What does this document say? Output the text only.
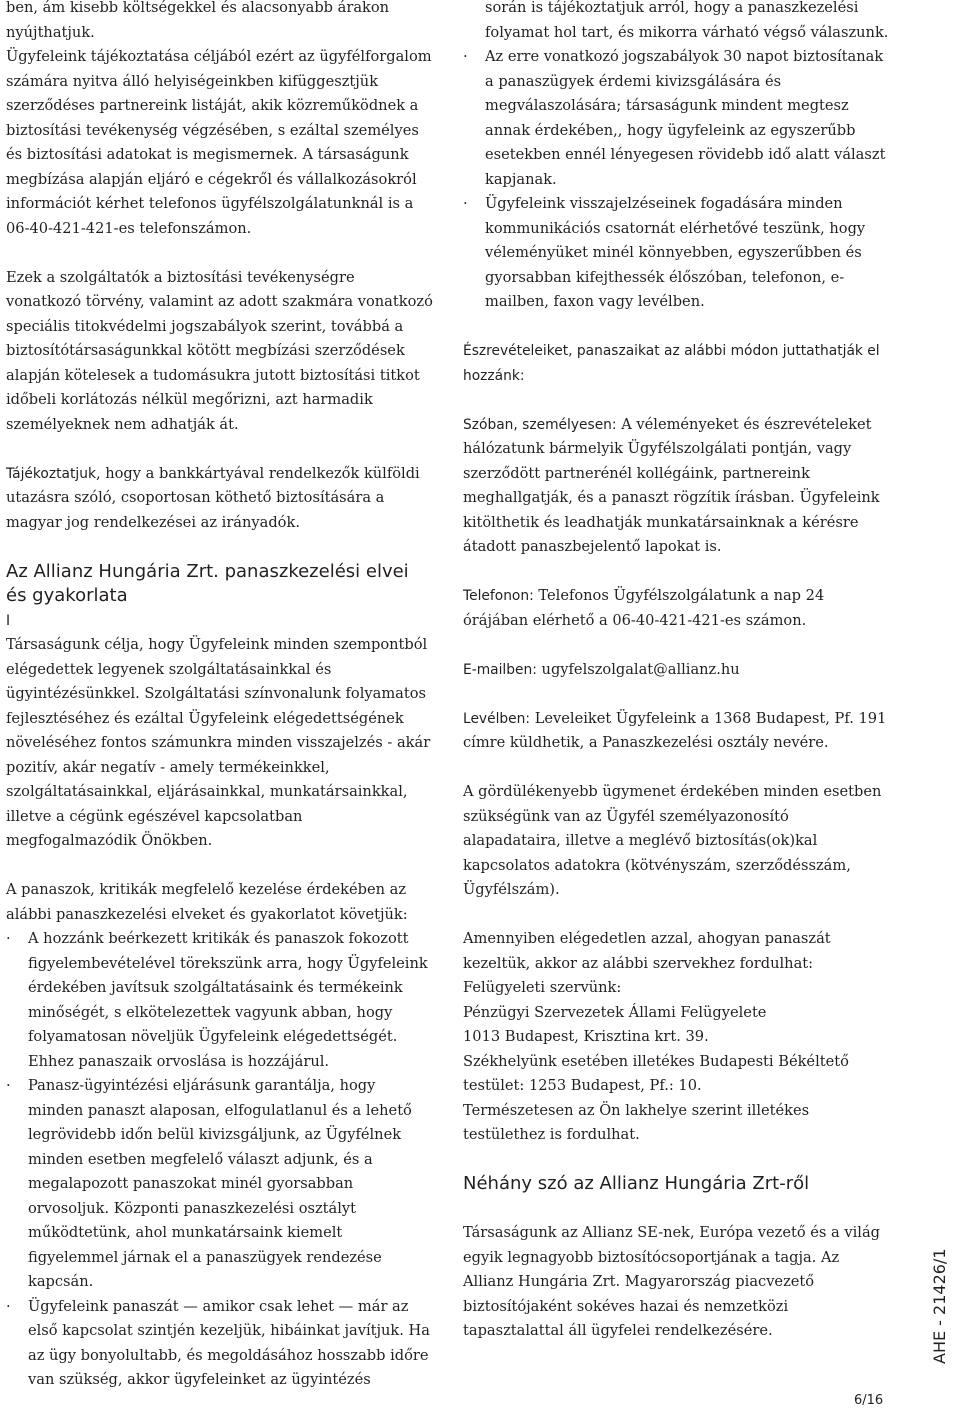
ben, ám kisebb költségekkel és alacsonyabb árakon nyújthatjuk.

Ügyfeleink tájékoztatása céljából ezért az ügyfélforgalom számára nyitva álló helyiségeinkben kifüggesztjük szerződéses partnereink listáját, akik közreműködnek a biztosítási tevékenység végzésében, s ezáltal személyes és biztosítási adatokat is megismernek. A társaságunk megbízása alapján eljáró e cégekről és vállalkozásokról információt kérhet telefonos ügyfélszolgálatunknál is a 06-40-421-421-es telefonszámon.

Ezek a szolgáltatók a biztosítási tevékenységre vonatkozó törvény, valamint az adott szakmára vonatkozó speciális titokvédelmi jogszabályok szerint, továbbá a biztosítótársaságunkkal kötött megbízási szerződések alapján kötelesek a tudomásukra jutott biztosítási titkot időbeli korlátozás nélkül megőrizni, azt harmadik személyeknek nem adhatják át.

Tájékoztatjuk, hogy a bankkártyával rendelkezők külföldi utazásra szóló, csoportosan köthető biztosítására a magyar jog rendelkezései az irányadók.

Az Allianz Hungária Zrt. panaszkezelési elvei és gyakorlata

I

Társaságunk célja, hogy Ügyfeleink minden szempontból elégedettek legyenek szolgáltatásainkkal és ügyintézésünkkel. Szolgáltatási színvonalunk folyamatos fejlesztéséhez és ezáltal Ügyfeleink elégedettségének növeléséhez fontos számunkra minden visszajelzés - akár pozitív, akár negatív - amely termékeinkkel, szolgáltatásainkkal, eljárásainkkal, munkatársainkkal, illetve a cégünk egészével kapcsolatban megfogalmazódik Önökben.

A panaszok, kritikák megfelelő kezelése érdekében az alábbi panaszkezelési elveket és gyakorlatot követjük:

· A hozzánk beérkezett kritikák és panaszok fokozott figyelembevételével törekszünk arra, hogy Ügyfeleink érdekében javítsuk szolgáltatásaink és termékeink minőségét, s elkötelezettek vagyunk abban, hogy folyamatosan növeljük Ügyfeleink elégedettségét. Ehhez panaszaik orvoslása is hozzájárul.
· Panasz-ügyintézési eljárásunk garantálja, hogy minden panaszt alaposan, elfogulatlanul és a lehető legrövidebb időn belül kivizsgáljunk, az Ügyfélnek minden esetben megfelelő választ adjunk, és a megalapozott panaszokat minél gyorsabban orvosoljuk. Központi panaszkezelési osztályt működtetünk, ahol munkatársaink kiemelt figyelemmel járnak el a panaszügyek rendezése kapcsán.
· Ügyfeleink panaszát — amikor csak lehet — már az első kapcsolat szintjén kezeljük, hibáinkat javítjuk. Ha az ügy bonyolultabb, és megoldásához hosszabb időre van szükség, akkor ügyfeleinket az ügyintézés

során is tájékoztatjuk arról, hogy a panaszkezelési folyamat hol tart, és mikorra várható végső válaszunk.

· Az erre vonatkozó jogszabályok 30 napot biztosítanak a panaszügyek érdemi kivizsgálására és megválaszolására; társaságunk mindent megtesz annak érdekében,, hogy ügyfeleink az egyszerűbb esetekben ennél lényegesen rövidebb idő alatt választ kapjanak.
· Ügyfeleink visszajelzéseinek fogadására minden kommunikációs csatornát elérhetővé teszünk, hogy véleményüket minél könnyebben, egyszerűbben és gyorsabban kifejthessék élőszóban, telefonon, e-mailben, faxon vagy levélben.

Észrevételeiket, panaszaikat az alábbi módon juttathatják el hozzánk:

Szóban, személyesen: A véleményeket és észrevételeket hálózatunk bármelyik Ügyfélszolgálati pontján, vagy szerződött partnerénél kollégáink, partnereink meghallgatják, és a panaszt rögzítik írásban. Ügyfeleink kitölthetik és leadhatják munkatársainknak a kérésre átadott panaszbejelentő lapokat is.

Telefonon: Telefonos Ügyfélszolgálatunk a nap 24 órájában elérhető a 06-40-421-421-es számon.

E-mailben: ugyfelszolgalat@allianz.hu

Levélben: Leveleiket Ügyfeleink a 1368 Budapest, Pf. 191 címre küldhetik, a Panaszkezelési osztály nevére.

A gördülékenyebb ügymenet érdekében minden esetben szükségünk van az Ügyfél személyazonosító alapadataira, illetve a meglévő biztosítás(ok)kal kapcsolatos adatokra (kötvényszám, szerződésszám, Ügyfélszám).

Amennyiben elégedetlen azzal, ahogyan panaszát kezeltük, akkor az alábbi szervekhez fordulhat:

Felügyeleti szervünk:

Pénzügyi Szervezetek Állami Felügyelete

1013 Budapest, Krisztina krt. 39.

Székhelyünk esetében illetékes Budapesti Békéltető testület: 1253 Budapest, Pf.: 10.

Természetesen az Ön lakhelye szerint illetékes testülethez is fordulhat.

Néhány szó az Allianz Hungária Zrt-ről

Társaságunk az Allianz SE-nek, Európa vezető és a világ egyik legnagyobb biztosítócsoportjának a tagja. Az Allianz Hungária Zrt. Magyarország piacvezető biztosítójaként sokéves hazai és nemzetközi tapasztalattal áll ügyfelei rendelkezésére.	AHE - 21426/1
6/16
